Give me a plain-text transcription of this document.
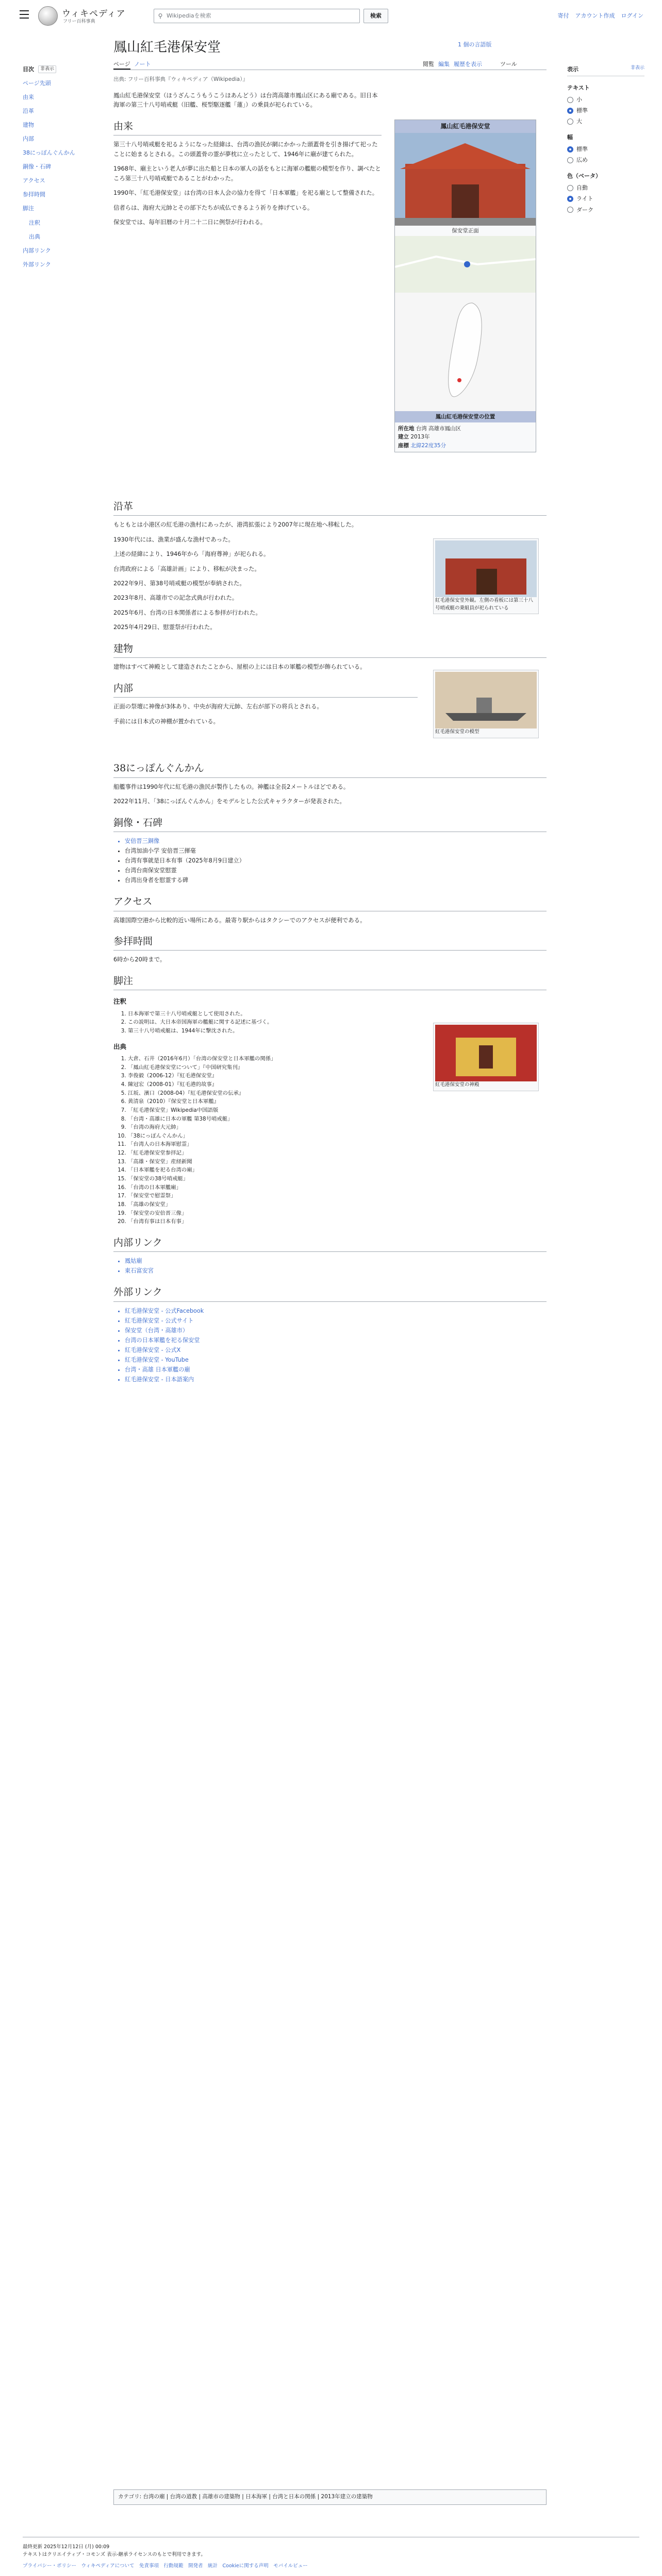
ウィキペディア
フリー百科事典
⚲ Wikipediaを検索	検索	寄付 アカウント作成 ログイン
目次	非表示
ページ先頭
由来
沿革
建物
内部
38にっぽんぐんかん
銅像・石碑
アクセス
参拝時間
脚注
注釈
出典
内部リンク
外部リンク
鳳山紅毛港保安堂	1 個の言語版
ページ ノート	閲覧 編集 履歴を表示	ツール
出典: フリー百科事典『ウィキペディア（Wikipedia）』
鳳山紅毛港保安堂
保安堂正面
鳳山紅毛港保安堂の位置
所在地 台湾 高雄市鳳山区
建立 2013年
座標 北緯22度35分
紅毛港保安堂外観。左側の看板には第三十八号哨戒艇の乗組員が祀られている
紅毛港保安堂の模型
紅毛港保安堂の神殿

鳳山紅毛港保安堂（ほうざんこうもうこうほあんどう）は台湾高雄市鳳山区にある廟である。旧日本海軍の第三十八号哨戒艇（旧艦、桜型駆逐艦「蓮」）の乗員が祀られている。

由来

第三十八号哨戒艇を祀るようになった経緯は、台湾の漁民が網にかかった頭蓋骨を引き揚げて祀ったことに始まるとされる。この頭蓋骨の霊が夢枕に立ったとして、1946年に廟が建てられた。

1968年、廟主という老人が夢に出た船と日本の軍人の話をもとに海軍の艦艇の模型を作り、調べたところ第三十八号哨戒艇であることがわかった。

1990年、「紅毛港保安堂」は台湾の日本人会の協力を得て「日本軍艦」を祀る廟として整備された。

信者らは、海府大元帥とその部下たちが成仏できるよう祈りを捧げている。

保安堂では、毎年旧暦の十月二十二日に例祭が行われる。

沿革

もともとは小港区の紅毛港の漁村にあったが、港湾拡張により2007年に現在地へ移転した。

1930年代には、漁業が盛んな漁村であった。

上述の経緯により、1946年から「海府尊神」が祀られる。

台湾政府による「高雄計画」により、移転が決まった。

2022年9月、第38号哨戒艇の模型が奉納された。

2023年8月、高雄市での記念式典が行われた。

2025年6月、台湾の日本関係者による参拝が行われた。

2025年4月29日、慰霊祭が行われた。

建物

建物はすべて神殿として建造されたことから、屋根の上には日本の軍艦の模型が飾られている。

内部

正面の祭壇に神像が3体あり、中央が海府大元帥、左右が部下の将兵とされる。

手前には日本式の神棚が置かれている。

38にっぽんぐんかん

船艦事件は1990年代に紅毛港の漁民が製作したもの。神艦は全長2メートルほどである。

2022年11月、「38にっぽんぐんかん」をモデルとした公式キャラクターが発表された。

銅像・石碑
• 安倍晋三銅像
• 台湾加油小学 安倍晋三揮毫
• 台湾有事就是日本有事（2025年8月9日建立）
• 台湾台南保安堂慰霊
• 台湾出身者を慰霊する碑
アクセス

高雄国際空港から比較的近い場所にある。最寄り駅からはタクシーでのアクセスが便利である。

参拝時間

6時から20時まで。

脚注
注釈
1. 日本海軍で第三十八号哨戒艇として使用された。
2. この説明は、大日本帝国海軍の艦艇に関する記述に基づく。
3. 第三十八号哨戒艇は、1944年に撃沈された。
出典
1. 大倉、石井（2016年6月）「台湾の保安堂と日本軍艦の関係」
2. 「鳳山紅毛港保安堂について」『中国研究集刊』
3. 李俊毅（2006-12）『紅毛港保安堂』
4. 陳冠宏（2008-01）『紅毛港的故事』
5. 江坂、濱口（2008-04）『紅毛港保安堂の伝承』
6. 黄清泉（2010）『保安堂と日本軍艦』
7. 「紅毛港保安堂」Wikipedia中国語版
8. 「台湾・高雄に日本の軍艦 第38号哨戒艇」
9. 「台湾の海府大元帥」
10. 「38にっぽんぐんかん」
11. 「台湾人の日本海軍慰霊」
12. 「紅毛港保安堂参拝記」
13. 「高雄・保安堂」産経新聞
14. 「日本軍艦を祀る台湾の廟」
15. 「保安堂の38号哨戒艇」
16. 「台湾の日本軍艦廟」
17. 「保安堂で慰霊祭」
18. 「高雄の保安堂」
19. 「保安堂の安倍晋三像」
20. 「台湾有事は日本有事」
内部リンク
• 鳳姑廟
• 東石富安宮
外部リンク
• 紅毛港保安堂 - 公式Facebook
• 紅毛港保安堂 - 公式サイト
• 保安堂（台湾・高雄市）
• 台湾の日本軍艦を祀る保安堂
• 紅毛港保安堂 - 公式X
• 紅毛港保安堂 - YouTube
• 台湾・高雄 日本軍艦の廟
• 紅毛港保安堂 - 日本語案内
カテゴリ: 台湾の廟 | 台湾の道教 | 高雄市の建築物 | 日本海軍 | 台湾と日本の関係 | 2013年建立の建築物
最終更新 2025年12月12日 (月) 00:09
テキストはクリエイティブ・コモンズ 表示-継承ライセンスのもとで利用できます。
プライバシー・ポリシー　ウィキペディアについて　免責事項　行動規範　開発者　統計　Cookieに関する声明　モバイルビュー
表示	非表示
テキスト
小
標準
大
幅
標準
広め
色（ベータ）
自動
ライト
ダーク
